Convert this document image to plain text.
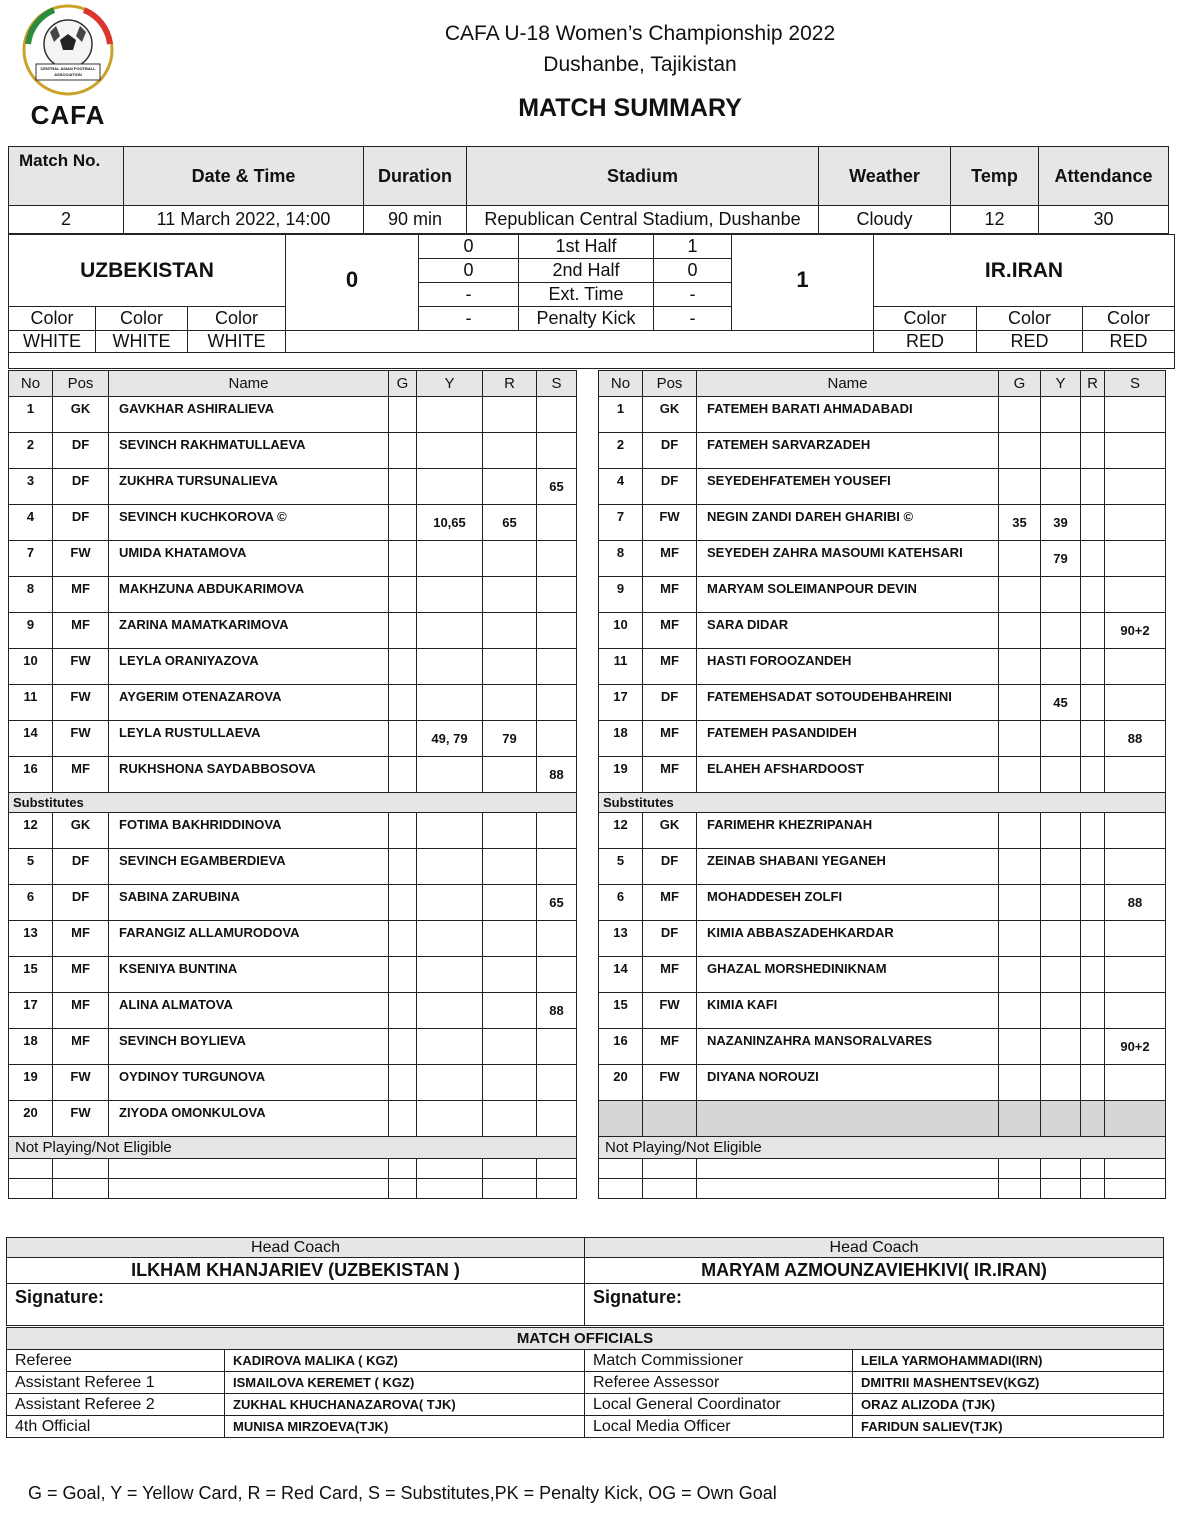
CENTRAL ASIAN FOOTBALL ASSOCIATION
CAFA
CAFA U-18 Women’s Championship 2022
Dushanbe, Tajikistan
MATCH SUMMARY
Match No.	Date & Time	Duration	Stadium	Weather	Temp	Attendance
2	11 March 2022, 14:00	90 min	Republican Central Stadium, Dushanbe	Cloudy	12	30
UZBEKISTAN			0	0	1st Half	1	1	IR.IRAN		
				0	2nd Half	0				
				-	Ext. Time	-				
Color	Color	Color		-	Penalty Kick	-		Color	Color	Color
WHITE	WHITE	WHITE						RED	RED	RED

No	Pos	Name	G	Y	R	S
1	GK	GAVKHAR ASHIRALIEVA				
2	DF	SEVINCH RAKHMATULLAEVA				
3	DF	ZUKHRA TURSUNALIEVA				65
4	DF	SEVINCH KUCHKOROVA ©		10,65	65	
7	FW	UMIDA KHATAMOVA				
8	MF	MAKHZUNA ABDUKARIMOVA				
9	MF	ZARINA MAMATKARIMOVA				
10	FW	LEYLA ORANIYAZOVA				
11	FW	AYGERIM OTENAZAROVA				
14	FW	LEYLA RUSTULLAEVA		49, 79	79	
16	MF	RUKHSHONA SAYDABBOSOVA				88
Substitutes						
12	GK	FOTIMA BAKHRIDDINOVA				
5	DF	SEVINCH EGAMBERDIEVA				
6	DF	SABINA ZARUBINA				65
13	MF	FARANGIZ ALLAMURODOVA				
15	MF	KSENIYA BUNTINA				
17	MF	ALINA ALMATOVA				88
18	MF	SEVINCH BOYLIEVA				
19	FW	OYDINOY TURGUNOVA				
20	FW	ZIYODA OMONKULOVA				
Not Playing/Not Eligible						

No	Pos	Name	G	Y	R	S
1	GK	FATEMEH BARATI AHMADABADI				
2	DF	FATEMEH SARVARZADEH				
4	DF	SEYEDEHFATEMEH YOUSEFI				
7	FW	NEGIN ZANDI DAREH GHARIBI ©	35	39		
8	MF	SEYEDEH ZAHRA MASOUMI KATEHSARI		79		
9	MF	MARYAM SOLEIMANPOUR DEVIN				
10	MF	SARA DIDAR				90+2
11	MF	HASTI FOROOZANDEH				
17	DF	FATEMEHSADAT SOTOUDEHBAHREINI		45		
18	MF	FATEMEH PASANDIDEH				88
19	MF	ELAHEH AFSHARDOOST				
Substitutes						
12	GK	FARIMEHR KHEZRIPANAH				
5	DF	ZEINAB SHABANI YEGANEH				
6	MF	MOHADDESEH ZOLFI				88
13	DF	KIMIA ABBASZADEHKARDAR				
14	MF	GHAZAL MORSHEDINIKNAM				
15	FW	KIMIA KAFI				
16	MF	NAZANINZAHRA MANSORALVARES				90+2
20	FW	DIYANA NOROUZI				

Not Playing/Not Eligible						

Head Coach	Head Coach
ILKHAM KHANJARIEV (UZBEKISTAN )	MARYAM AZMOUNZAVIEHKIVI( IR.IRAN)
Signature:	Signature:
MATCH OFFICIALS			
Referee	KADIROVA MALIKA ( KGZ)	Match Commissioner	LEILA YARMOHAMMADI(IRN)
Assistant Referee 1	ISMAILOVA KEREMET ( KGZ)	Referee Assessor	DMITRII MASHENTSEV(KGZ)
Assistant Referee 2	ZUKHAL KHUCHANAZAROVA( TJK)	Local General Coordinator	ORAZ ALIZODA (TJK)
4th Official	MUNISA MIRZOEVA(TJK)	Local Media Officer	FARIDUN SALIEV(TJK)
G = Goal, Y = Yellow Card, R = Red Card, S = Substitutes,PK = Penalty Kick, OG = Own Goal
